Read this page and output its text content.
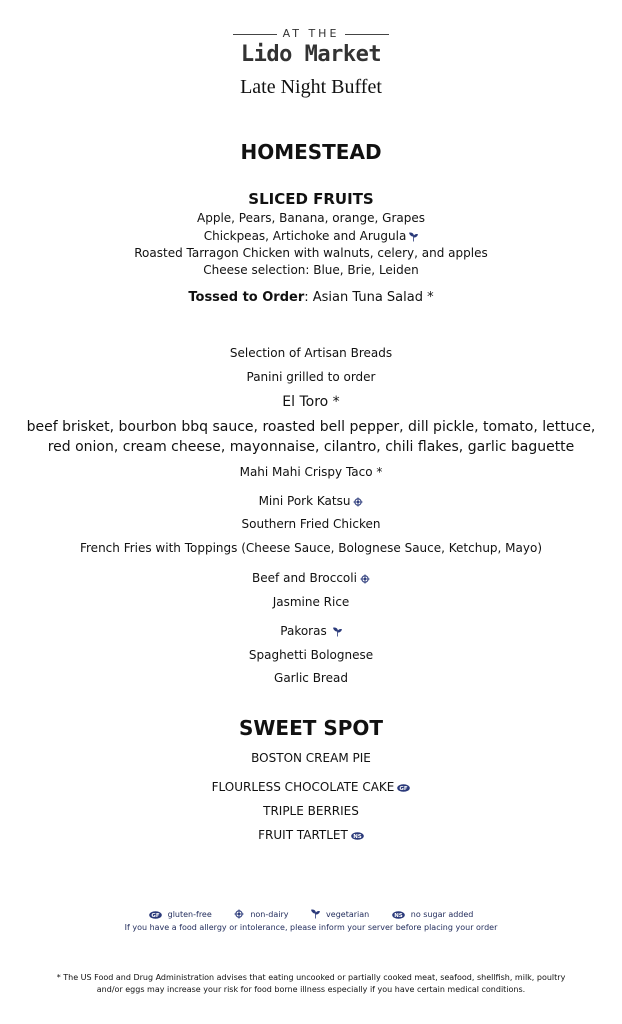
AT THE
Lido Market
Late Night Buffet
HOMESTEAD
SLICED FRUITS
Apple, Pears, Banana, orange, Grapes
Chickpeas, Artichoke and Arugula
Roasted Tarragon Chicken with walnuts, celery, and apples
Cheese selection: Blue, Brie, Leiden
Tossed to Order: Asian Tuna Salad *
Selection of Artisan Breads
Panini grilled to order
El Toro *
beef brisket, bourbon bbq sauce, roasted bell pepper, dill pickle, tomato, lettuce,
red onion, cream cheese, mayonnaise, cilantro, chili flakes, garlic baguette
Mahi Mahi Crispy Taco *
Mini Pork Katsu
Southern Fried Chicken
French Fries with Toppings (Cheese Sauce, Bolognese Sauce, Ketchup, Mayo)
Beef and Broccoli
Jasmine Rice
Pakoras
Spaghetti Bolognese
Garlic Bread
SWEET SPOT
BOSTON CREAM PIE
FLOURLESS CHOCOLATE CAKE GF
TRIPLE BERRIES
FRUIT TARTLET NS
GF gluten-free	non-dairy	vegetarian	NS no sugar added
If you have a food allergy or intolerance, please inform your server before placing your order
* The US Food and Drug Administration advises that eating uncooked or partially cooked meat, seafood, shellfish, milk, poultry
and/or eggs may increase your risk for food borne illness especially if you have certain medical conditions.
